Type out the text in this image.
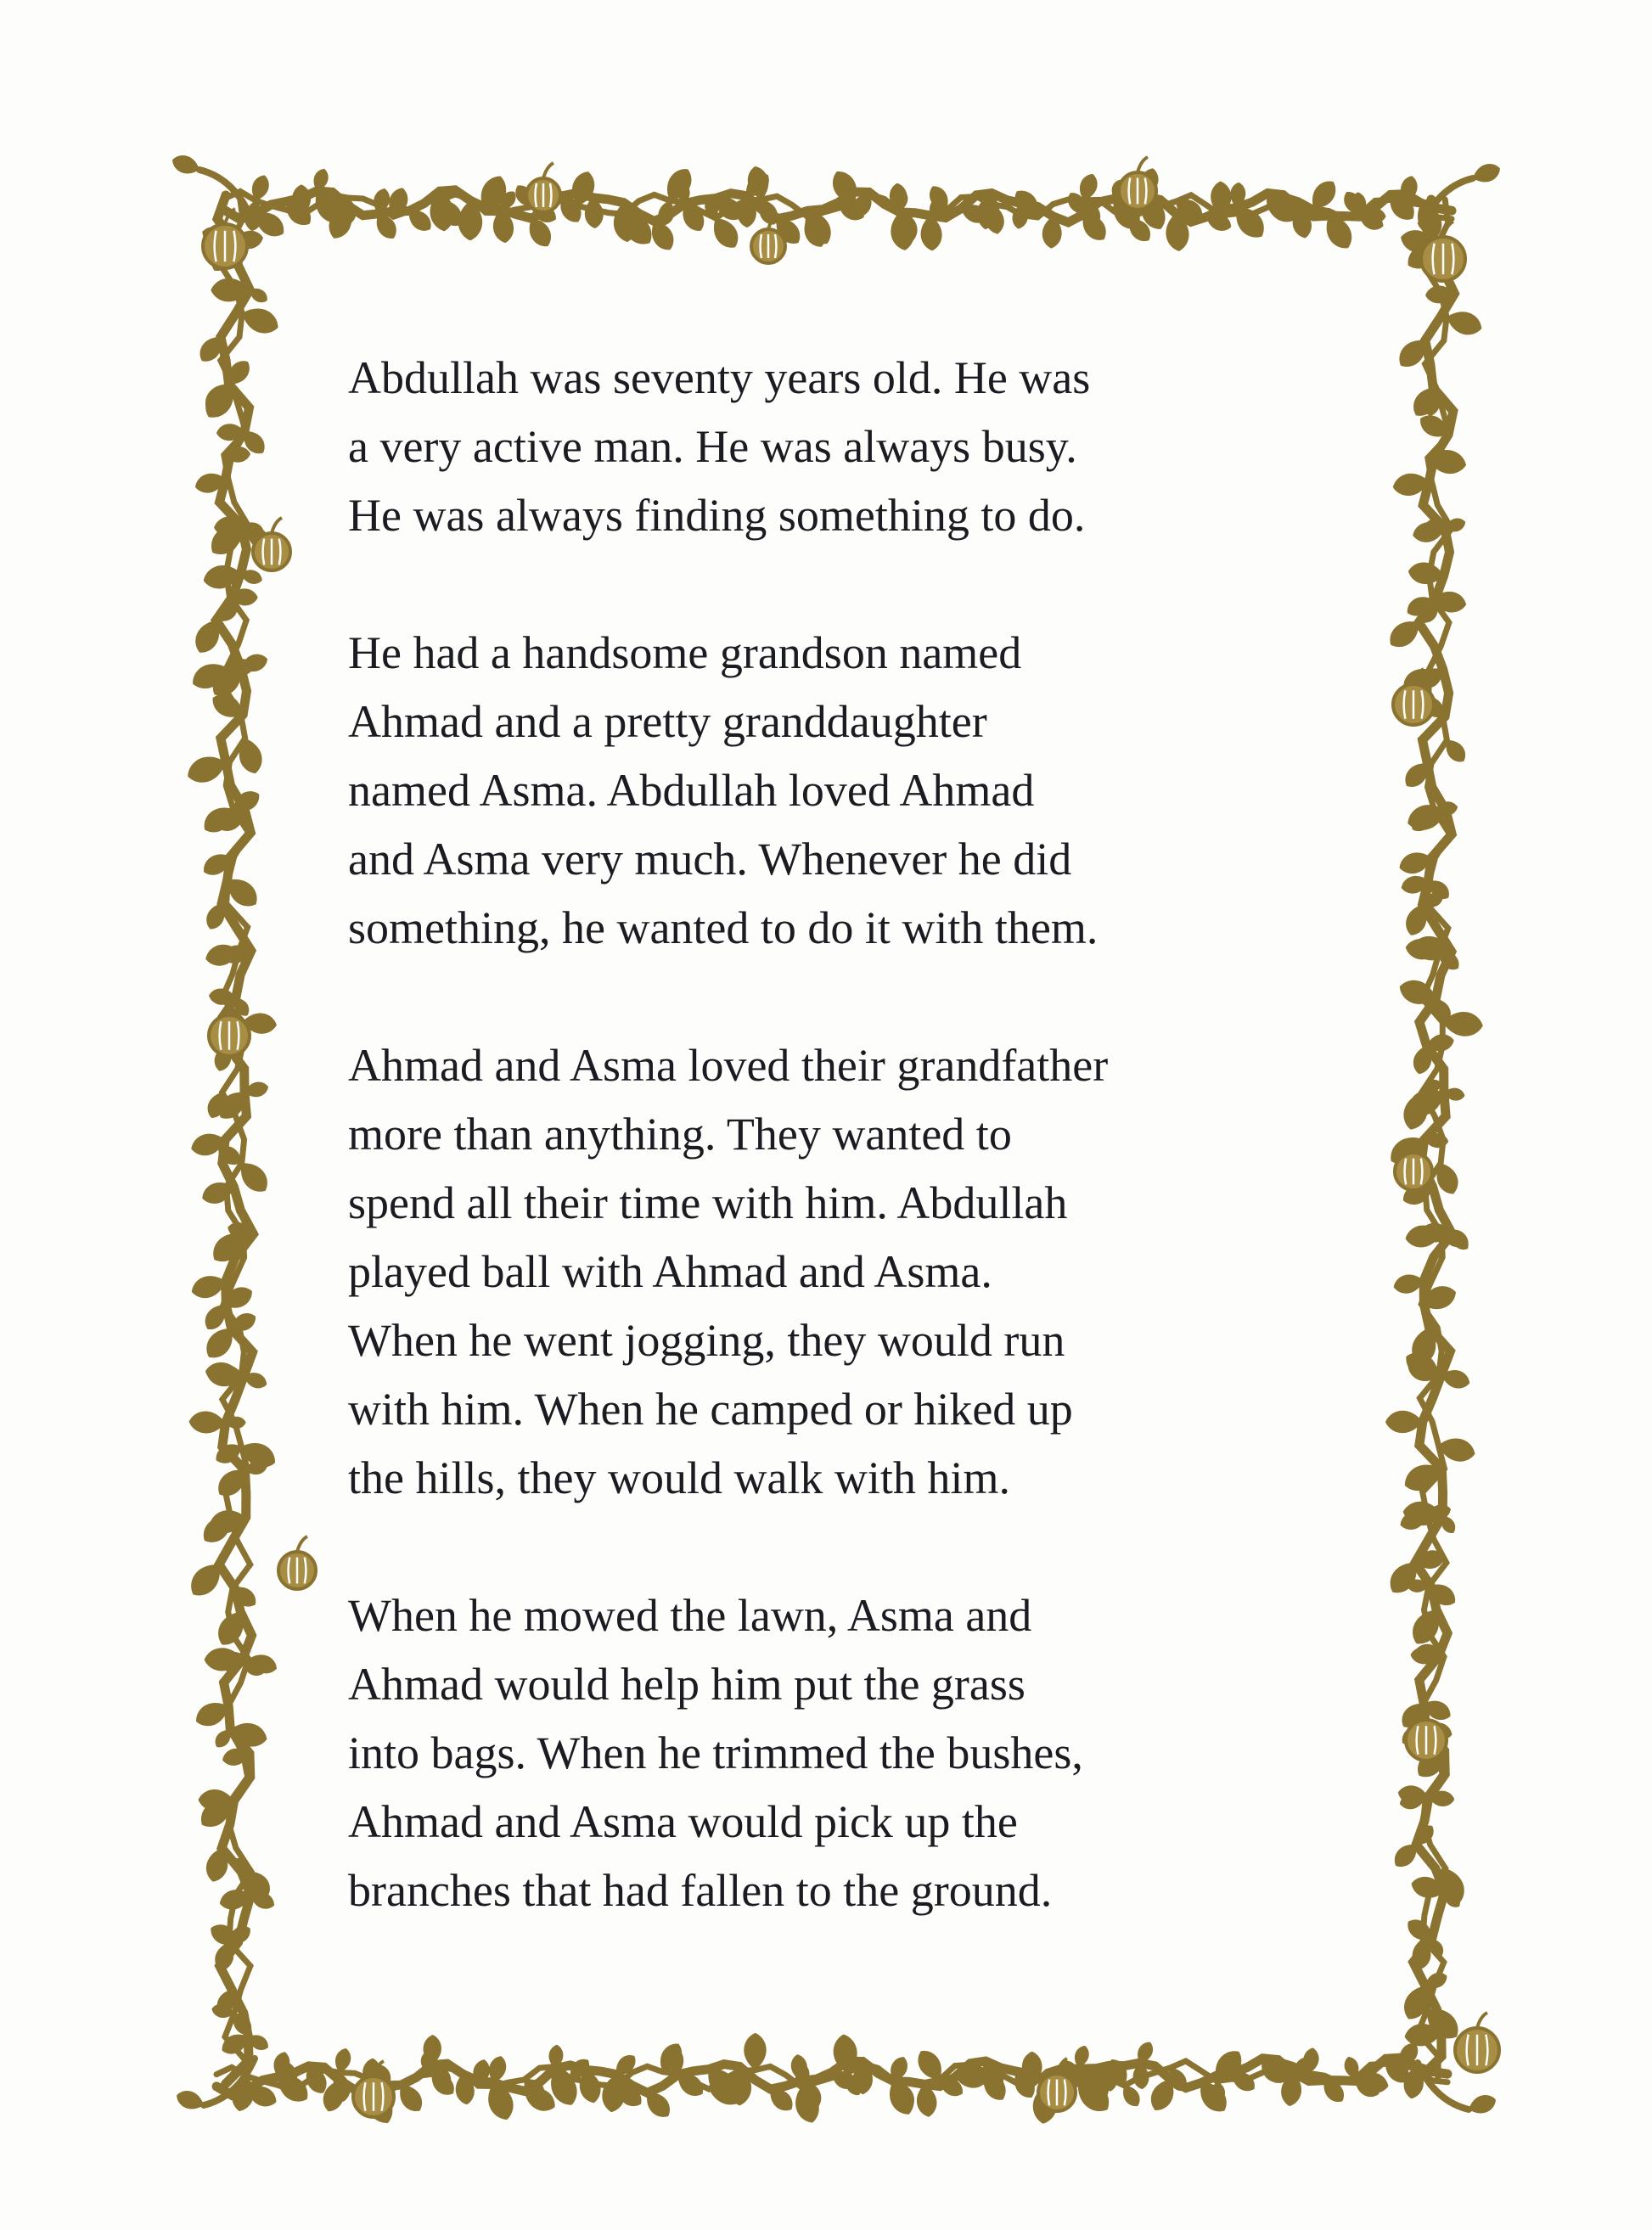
Abdullah was seventy years old. He was
a very active man. He was always busy.
He was always finding something to do.

He had a handsome grandson named
Ahmad and a pretty granddaughter
named Asma. Abdullah loved Ahmad
and Asma very much. Whenever he did
something, he wanted to do it with them.

Ahmad and Asma loved their grandfather
more than anything. They wanted to
spend all their time with him. Abdullah
played ball with Ahmad and Asma.
When he went jogging, they would run
with him. When he camped or hiked up
the hills, they would walk with him.

When he mowed the lawn, Asma and
Ahmad would help him put the grass
into bags. When he trimmed the bushes,
Ahmad and Asma would pick up the
branches that had fallen to the ground.
